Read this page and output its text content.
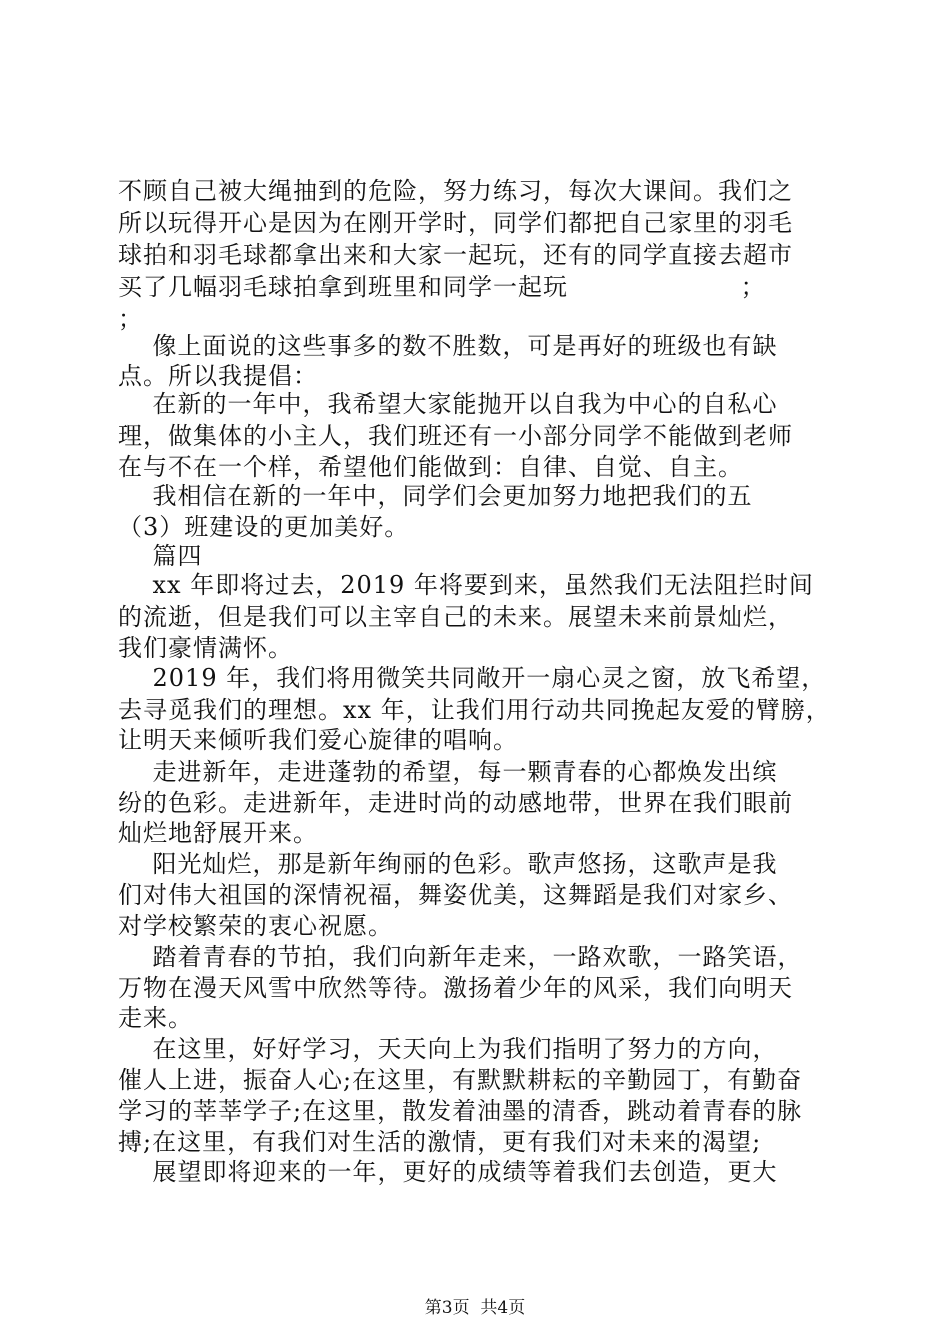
不顾自己被大绳抽到的危险，努力练习，每次大课间。我们之
所以玩得开心是因为在刚开学时，同学们都把自己家里的羽毛
球拍和羽毛球都拿出来和大家一起玩，还有的同学直接去超市
买了几幅羽毛球拍拿到班里和同学一起玩                    ；
；
像上面说的这些事多的数不胜数，可是再好的班级也有缺
点。所以我提倡：
在新的一年中，我希望大家能抛开以自我为中心的自私心
理，做集体的小主人，我们班还有一小部分同学不能做到老师
在与不在一个样，希望他们能做到：自律、自觉、自主。
我相信在新的一年中，同学们会更加努力地把我们的五
（3）班建设的更加美好。
篇四
xx 年即将过去，2019 年将要到来，虽然我们无法阻拦时间
的流逝，但是我们可以主宰自己的未来。展望未来前景灿烂，
我们豪情满怀。
2019 年，我们将用微笑共同敞开一扇心灵之窗，放飞希望，
去寻觅我们的理想。xx 年，让我们用行动共同挽起友爱的臂膀，
让明天来倾听我们爱心旋律的唱响。
走进新年，走进蓬勃的希望，每一颗青春的心都焕发出缤
纷的色彩。走进新年，走进时尚的动感地带，世界在我们眼前
灿烂地舒展开来。
阳光灿烂，那是新年绚丽的色彩。歌声悠扬，这歌声是我
们对伟大祖国的深情祝福，舞姿优美，这舞蹈是我们对家乡、
对学校繁荣的衷心祝愿。
踏着青春的节拍，我们向新年走来，一路欢歌，一路笑语，
万物在漫天风雪中欣然等待。激扬着少年的风采，我们向明天
走来。
在这里，好好学习，天天向上为我们指明了努力的方向，
催人上进，振奋人心;在这里，有默默耕耘的辛勤园丁，有勤奋
学习的莘莘学子;在这里，散发着油墨的清香，跳动着青春的脉
搏;在这里，有我们对生活的激情，更有我们对未来的渴望;
展望即将迎来的一年，更好的成绩等着我们去创造，更大
第3页  共4页
